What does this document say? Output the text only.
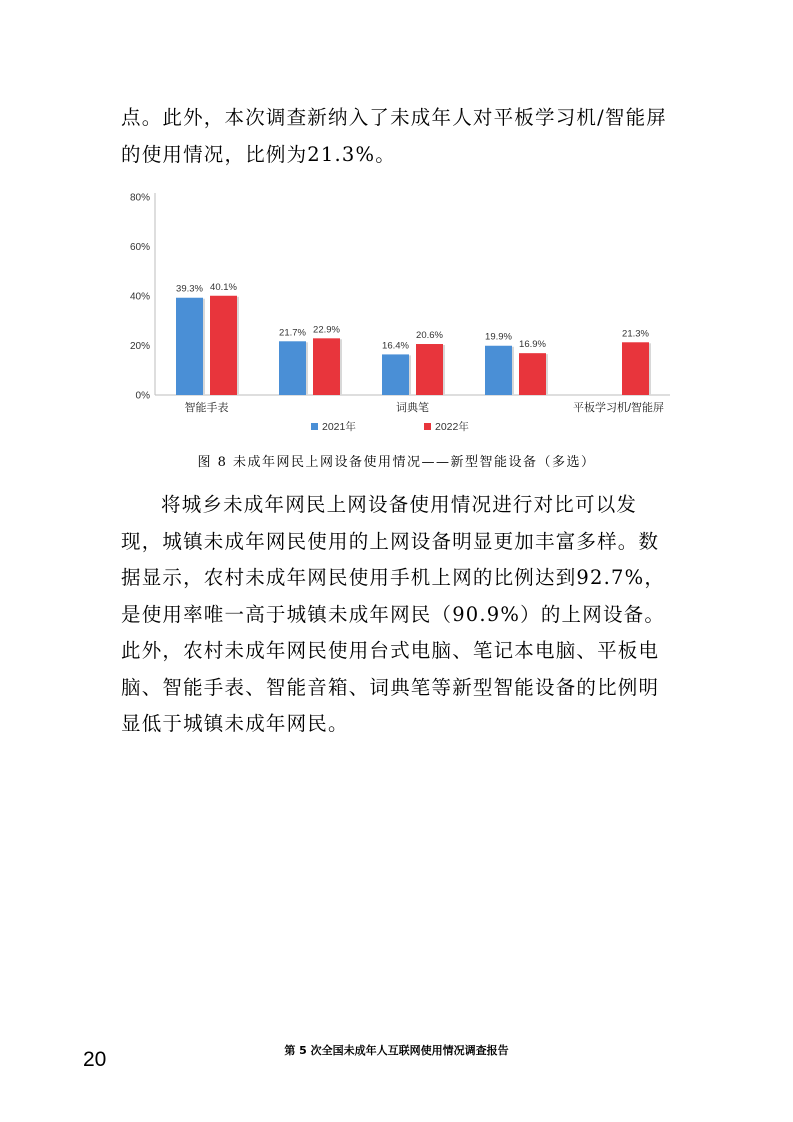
点。此外，本次调查新纳入了未成年人对平板学习机/智能屏的使用情况，比例为21.3%。

0%
20%
40%
60%
80%
39.3% 40.1%
智能手表
21.7% 22.9%
16.4%
20.6%
词典笔
19.9%
16.9%
21.3%
平板学习机/智能屏
2021年	2022年
图 8 未成年网民上网设备使用情况——新型智能设备（多选）

将城乡未成年网民上网设备使用情况进行对比可以发现，城镇未成年网民使用的上网设备明显更加丰富多样。数据显示，农村未成年网民使用手机上网的比例达到92.7%，是使用率唯一高于城镇未成年网民（90.9%）的上网设备。此外，农村未成年网民使用台式电脑、笔记本电脑、平板电脑、智能手表、智能音箱、词典笔等新型智能设备的比例明显低于城镇未成年网民。

第 5 次全国未成年人互联网使用情况调查报告
20
